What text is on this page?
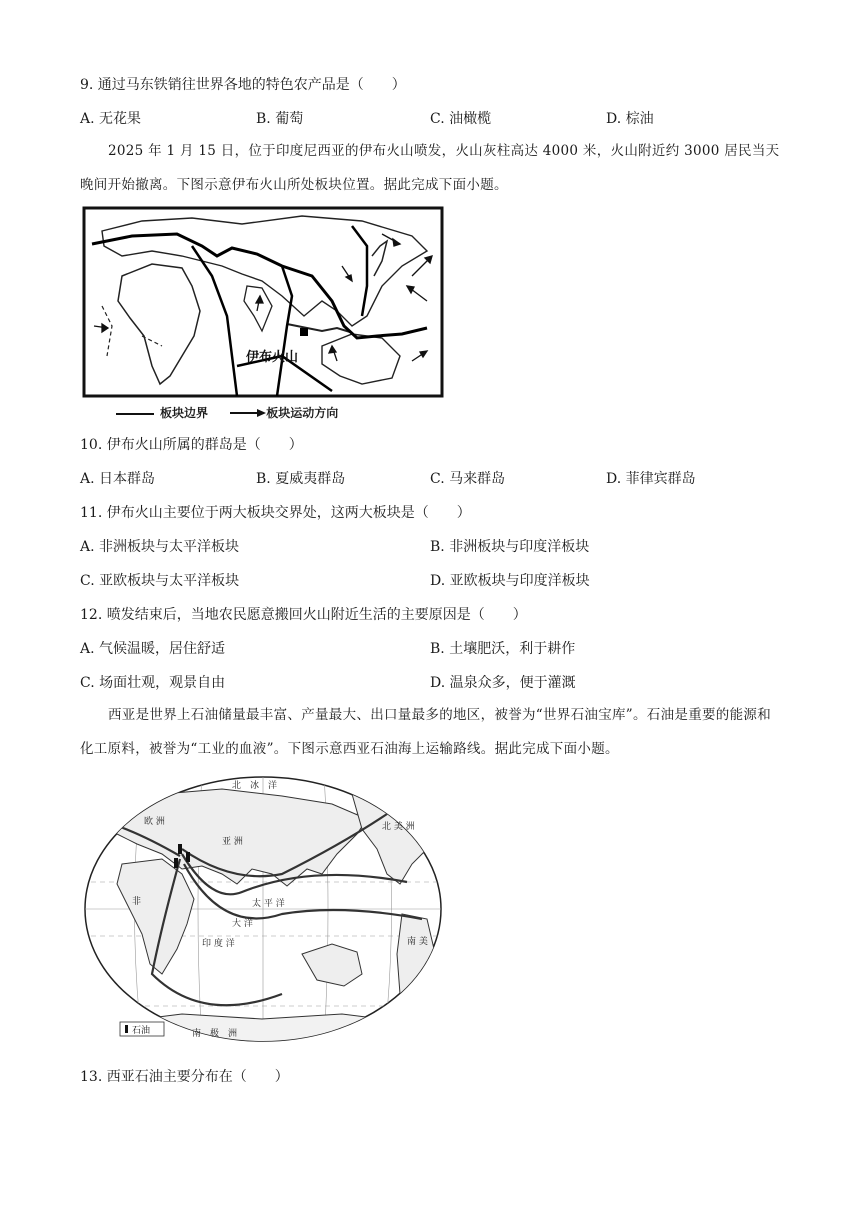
9. 通过马东铁销往世界各地的特色农产品是（　　）
A. 无花果	B. 葡萄	C. 油橄榄	D. 棕油
2025 年 1 月 15 日，位于印度尼西亚的伊布火山喷发，火山灰柱高达 4000 米，火山附近约 3000 居民当天晚间开始撤离。下图示意伊布火山所处板块位置。据此完成下面小题。
伊布火山
板块边界	板块运动方向
10. 伊布火山所属的群岛是（　　）
A. 日本群岛	B. 夏威夷群岛	C. 马来群岛	D. 菲律宾群岛
11. 伊布火山主要位于两大板块交界处，这两大板块是（　　）
A. 非洲板块与太平洋板块	B. 非洲板块与印度洋板块
C. 亚欧板块与太平洋板块	D. 亚欧板块与印度洋板块
12. 喷发结束后，当地农民愿意搬回火山附近生活的主要原因是（　　）
A. 气候温暖，居住舒适	B. 土壤肥沃，利于耕作
C. 场面壮观，观景自由	D. 温泉众多，便于灌溉
西亚是世界上石油储量最丰富、产量最大、出口量最多的地区，被誉为“世界石油宝库”。石油是重要的能源和化工原料，被誉为“工业的血液”。下图示意西亚石油海上运输路线。据此完成下面小题。
北　冰　洋
欧 洲
亚 洲
非
北 美 洲
南 美
太 平 洋
印 度 洋
大 洋
南　极　洲
石油
13. 西亚石油主要分布在（　　）
